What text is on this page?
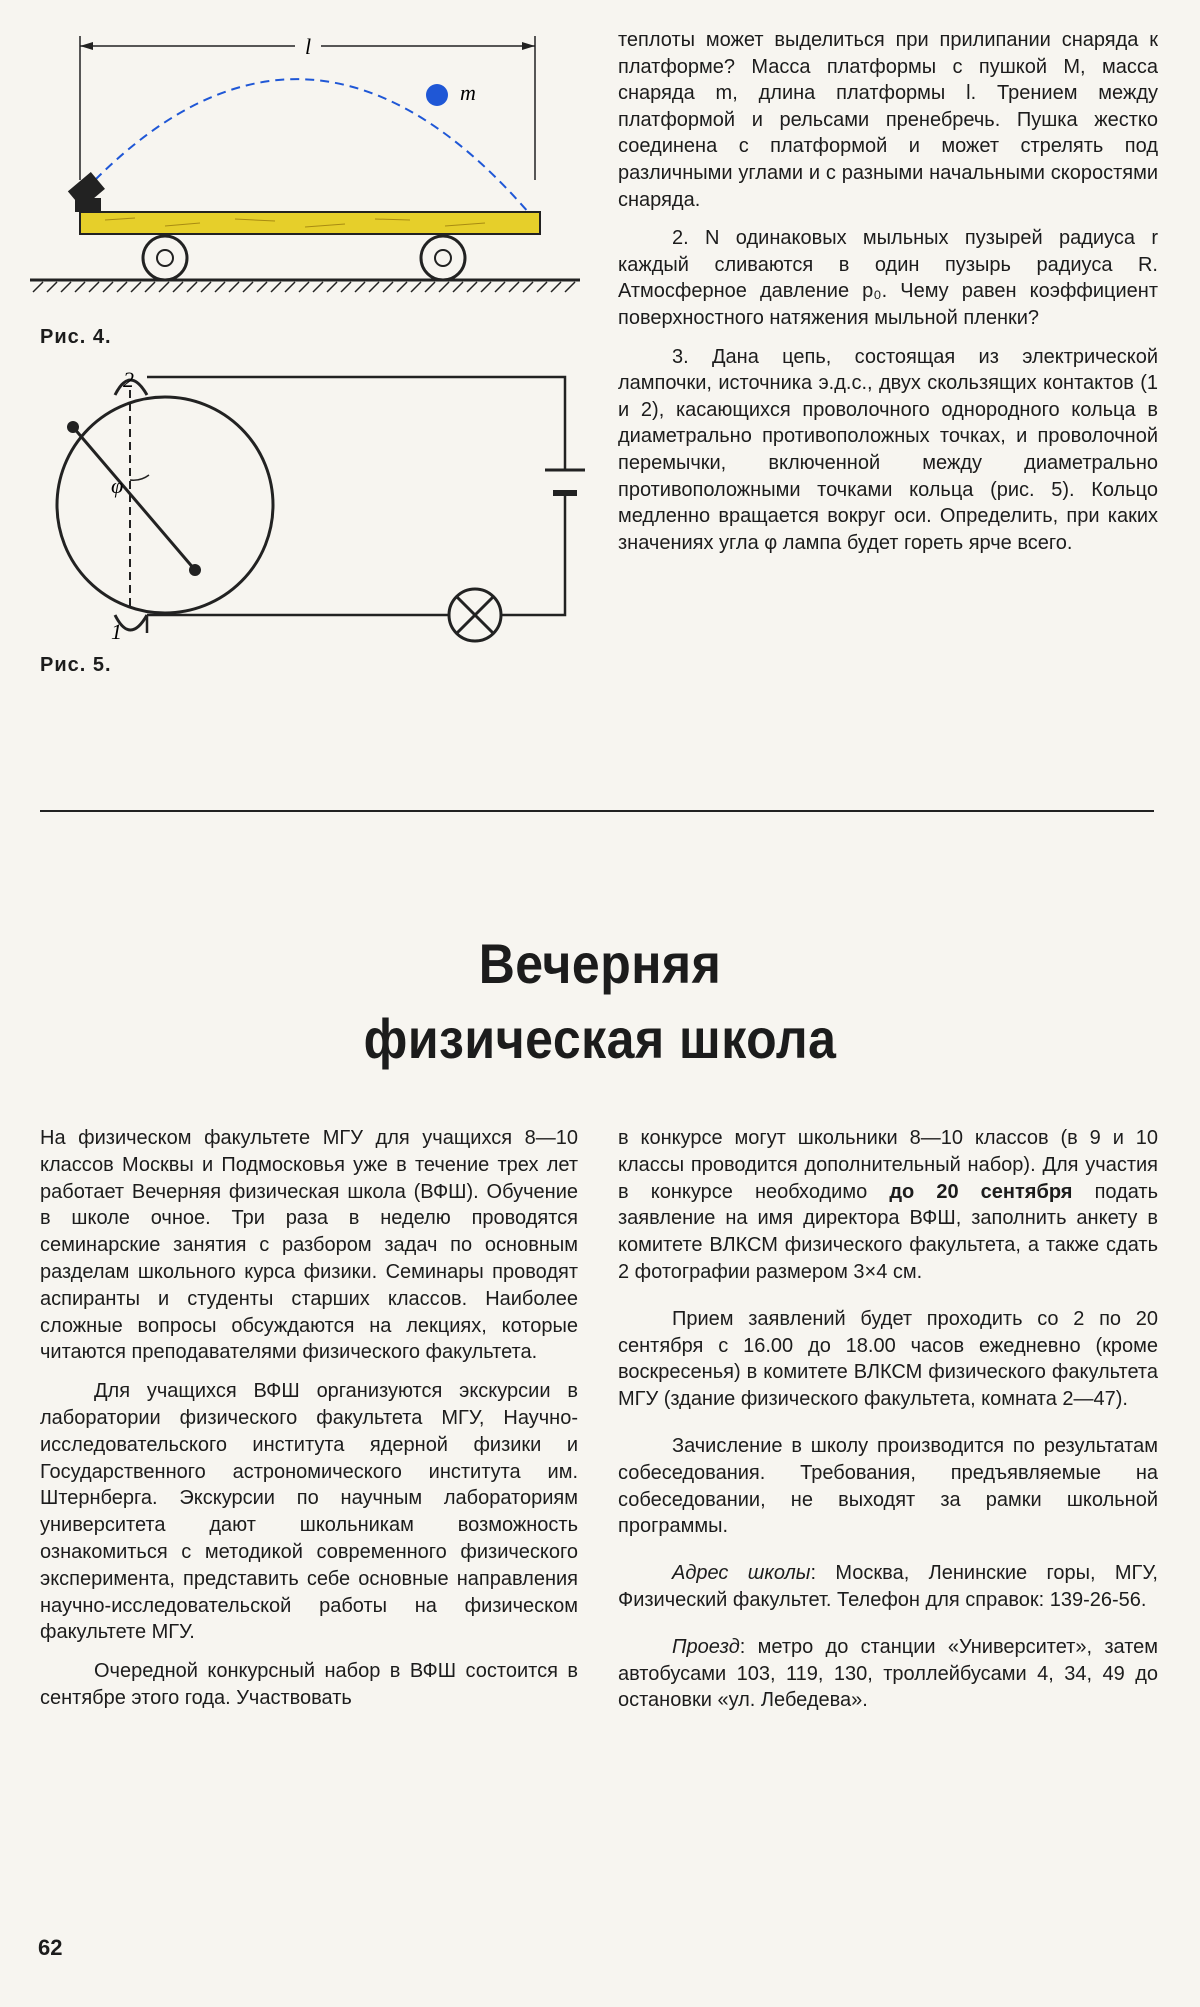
l
m
Рис. 4.
φ
2
1
Рис. 5.

теплоты может выделиться при прилипании снаряда к платформе? Масса платформы с пушкой M, масса снаряда m, длина платформы l. Трением между платформой и рельсами пренебречь. Пушка жестко соединена с платформой и может стрелять под различными углами и с разными начальными скоростями снаряда.

2. N одинаковых мыльных пузырей радиуса r каждый сливаются в один пузырь радиуса R. Атмосферное давление p₀. Чему равен коэффициент поверхностного натяжения мыльной пленки?

3. Дана цепь, состоящая из электрической лампочки, источника э.д.с., двух скользящих контактов (1 и 2), касающихся проволочного однородного кольца в диаметрально противоположных точках, и проволочной перемычки, включенной между диаметрально противоположными точками кольца (рис. 5). Кольцо медленно вращается вокруг оси. Определить, при каких значениях угла φ лампа будет гореть ярче всего.

Вечерняя
физическая школа

На физическом факультете МГУ для учащихся 8—10 классов Москвы и Подмосковья уже в течение трех лет работает Вечерняя физическая школа (ВФШ). Обучение в школе очное. Три раза в неделю проводятся семинарские занятия с разбором задач по основным разделам школьного курса физики. Семинары проводят аспиранты и студенты старших классов. Наиболее сложные вопросы обсуждаются на лекциях, которые читаются преподавателями физического факультета.

Для учащихся ВФШ организуются экскурсии в лаборатории физического факультета МГУ, Научно-исследовательского института ядерной физики и Государственного астрономического института им. Штернберга. Экскурсии по научным лабораториям университета дают школьникам возможность ознакомиться с методикой современного физического эксперимента, представить себе основные направления научно-исследовательской работы на физическом факультете МГУ.

Очередной конкурсный набор в ВФШ состоится в сентябре этого года. Участвовать

в конкурсе могут школьники 8—10 классов (в 9 и 10 классы проводится дополнительный набор). Для участия в конкурсе необходимо до 20 сентября подать заявление на имя директора ВФШ, заполнить анкету в комитете ВЛКСМ физического факультета, а также сдать 2 фотографии размером 3×4 см.

Прием заявлений будет проходить со 2 по 20 сентября с 16.00 до 18.00 часов ежедневно (кроме воскресенья) в комитете ВЛКСМ физического факультета МГУ (здание физического факультета, комната 2—47).

Зачисление в школу производится по результатам собеседования. Требования, предъявляемые на собеседовании, не выходят за рамки школьной программы.

Адрес школы: Москва, Ленинские горы, МГУ, Физический факультет. Телефон для справок: 139-26-56.

Проезд: метро до станции «Университет», затем автобусами 103, 119, 130, троллейбусами 4, 34, 49 до остановки «ул. Лебедева».

62
